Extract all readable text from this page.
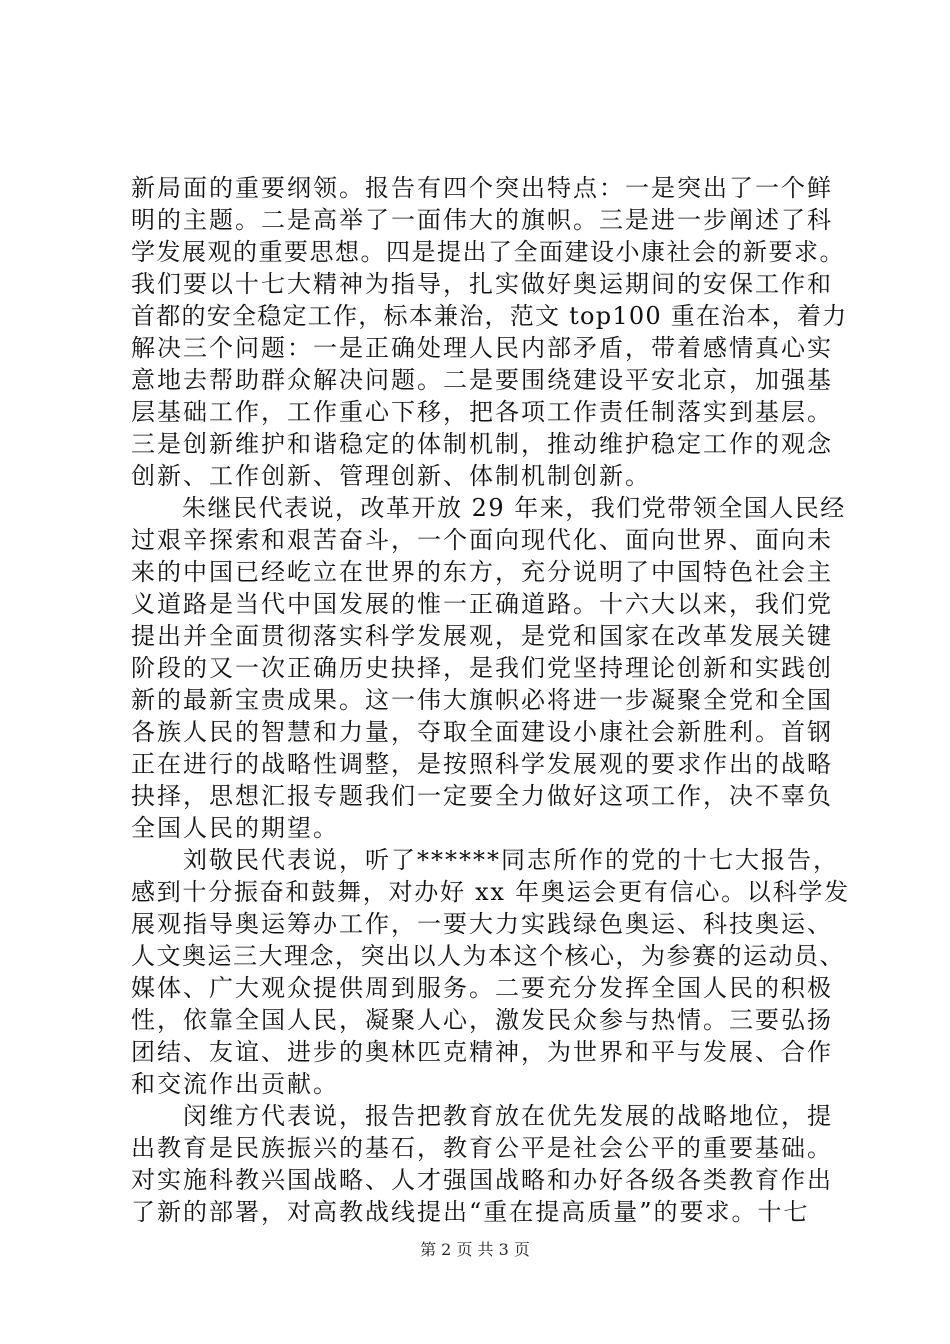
新局面的重要纲领。报告有四个突出特点：一是突出了一个鲜
明的主题。二是高举了一面伟大的旗帜。三是进一步阐述了科
学发展观的重要思想。四是提出了全面建设小康社会的新要求。
我们要以十七大精神为指导，扎实做好奥运期间的安保工作和
首都的安全稳定工作，标本兼治，范文 top100 重在治本，着力
解决三个问题：一是正确处理人民内部矛盾，带着感情真心实
意地去帮助群众解决问题。二是要围绕建设平安北京，加强基
层基础工作，工作重心下移，把各项工作责任制落实到基层。
三是创新维护和谐稳定的体制机制，推动维护稳定工作的观念
创新、工作创新、管理创新、体制机制创新。
　　朱继民代表说，改革开放 29 年来，我们党带领全国人民经
过艰辛探索和艰苦奋斗，一个面向现代化、面向世界、面向未
来的中国已经屹立在世界的东方，充分说明了中国特色社会主
义道路是当代中国发展的惟一正确道路。十六大以来，我们党
提出并全面贯彻落实科学发展观，是党和国家在改革发展关键
阶段的又一次正确历史抉择，是我们党坚持理论创新和实践创
新的最新宝贵成果。这一伟大旗帜必将进一步凝聚全党和全国
各族人民的智慧和力量，夺取全面建设小康社会新胜利。首钢
正在进行的战略性调整，是按照科学发展观的要求作出的战略
抉择，思想汇报专题我们一定要全力做好这项工作，决不辜负
全国人民的期望。
　　刘敬民代表说，听了******同志所作的党的十七大报告，
感到十分振奋和鼓舞，对办好 xx 年奥运会更有信心。以科学发
展观指导奥运筹办工作，一要大力实践绿色奥运、科技奥运、
人文奥运三大理念，突出以人为本这个核心，为参赛的运动员、
媒体、广大观众提供周到服务。二要充分发挥全国人民的积极
性，依靠全国人民，凝聚人心，激发民众参与热情。三要弘扬
团结、友谊、进步的奥林匹克精神，为世界和平与发展、合作
和交流作出贡献。
　　闵维方代表说，报告把教育放在优先发展的战略地位，提
出教育是民族振兴的基石，教育公平是社会公平的重要基础。
对实施科教兴国战略、人才强国战略和办好各级各类教育作出
了新的部署，对高教战线提出“重在提高质量”的要求。十七
第 2 页 共 3 页
